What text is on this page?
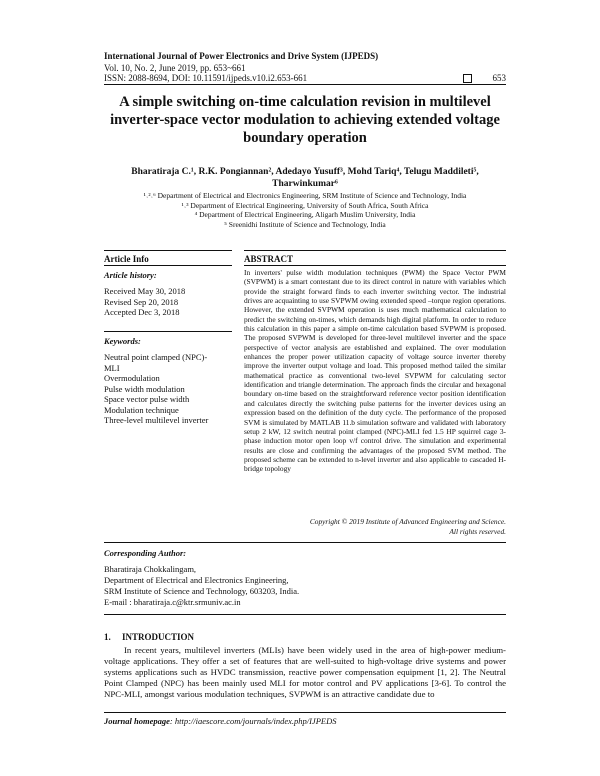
International Journal of Power Electronics and Drive System (IJPEDS)
Vol. 10, No. 2, June 2019, pp. 653~661
ISSN: 2088-8694, DOI: 10.11591/ijpeds.v10.i2.653-661	653
A simple switching on-time calculation revision in multilevel inverter-space vector modulation to achieving extended voltage boundary operation
Bharatiraja C.¹, R.K. Pongiannan², Adedayo Yusuff³, Mohd Tariq⁴, Telugu Maddileti⁵,
Tharwinkumar⁶
¹˒²˒⁶ Department of Electrical and Electronics Engineering, SRM Institute of Science and Technology, India
¹˒³ Department of Electrical Engineering, University of South Africa, South Africa
⁴ Department of Electrical Engineering, Aligarh Muslim University, India
⁵ Sreenidhi Institute of Science and Technology, India
Article Info
Article history:
Received May 30, 2018
Revised Sep 20, 2018
Accepted Dec 3, 2018
Keywords:
Neutral point clamped (NPC)-
MLI
Overmodulation
Pulse width modulation
Space vector pulse width
Modulation technique
Three-level multilevel inverter
ABSTRACT
In inverters' pulse width modulation techniques (PWM) the Space Vector PWM (SVPWM) is a smart contestant due to its direct control in nature with variables which provide the straight forward finds to each inverter switching vector. The industrial drives are acquainting to use SVPWM owing extended speed –torque region operations. However, the extended SVPWM operation is uses much mathematical calculation to predict the switching on-times, which demands high digital platform. In order to reduce this calculation in this paper a simple on-time calculation based SVPWM is proposed. The proposed SVPWM is developed for three-level multilevel inverter and the space perspective of vector analysis are established and explained. The over modulation enhances the proper power utilization capacity of voltage source inverter thereby improve the inverter output voltage and load. This proposed method tailed the similar mathematical practice as conventional two-level SVPWM for calculating sector identification and triangle determination. The approach finds the circular and hexagonal boundary on-time based on the straightforward reference vector position identification and calculates directly the switching pulse patterns for the inverter devices using an expression based on the definition of the duty cycle. The performance of the proposed SVM is simulated by MATLAB 11.b simulation software and validated with laboratory setup 2 kW, 12 switch neutral point clamped (NPC)-MLI fed 1.5 HP squirrel cage 3-phase induction motor open loop v/f control drive. The simulation and experimental results are close and confirming the advantages of the proposed SVM method. The proposed scheme can be extended to n-level inverter and also applicable to cascaded H-bridge topology
Copyright © 2019 Institute of Advanced Engineering and Science.
All rights reserved.
Corresponding Author:
Bharatiraja Chokkalingam,
Department of Electrical and Electronics Engineering,
SRM Institute of Science and Technology, 603203, India.
E-mail : bharatiraja.c@ktr.srmuniv.ac.in
1.     INTRODUCTION

In recent years, multilevel inverters (MLIs) have been widely used in the area of high-power medium-voltage applications. They offer a set of features that are well-suited to high-voltage drive systems and power systems applications such as HVDC transmission, reactive power compensation equipment [1, 2]. The Neutral Point Clamped (NPC) has been mainly used MLI for motor control and PV applications [3-6]. To control the NPC-MLI, amongst various modulation techniques, SVPWM is an attractive candidate due to

Journal homepage: http://iaescore.com/journals/index.php/IJPEDS
